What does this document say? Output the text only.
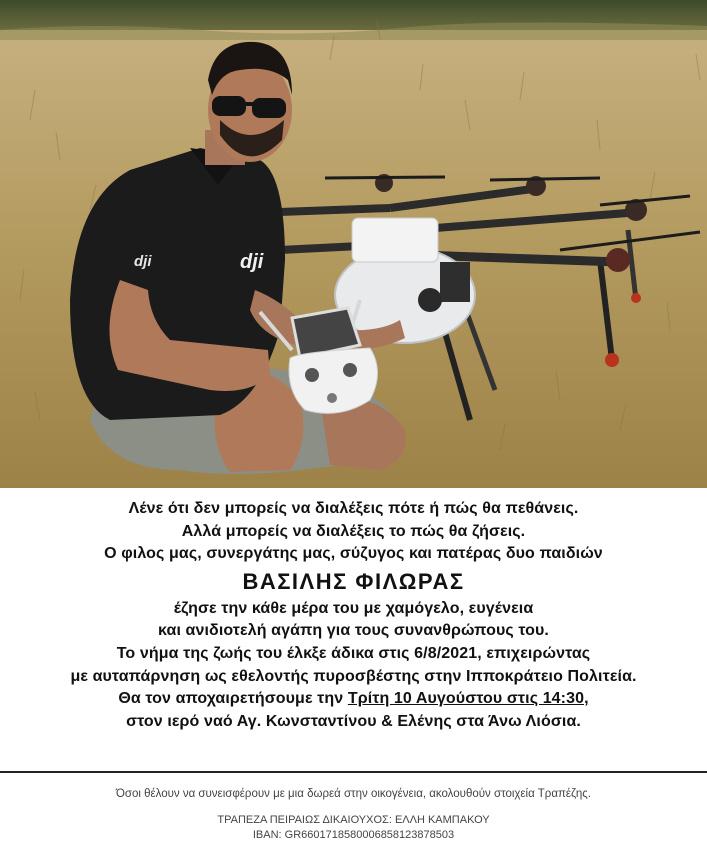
dji	dji
Λένε ότι δεν μπορείς να διαλέξεις πότε ή πώς θα πεθάνεις.
Αλλά μπορείς να διαλέξεις το πώς θα ζήσεις.
Ο φιλος μας, συνεργάτης μας, σύζυγος και πατέρας δυο παιδιών
ΒΑΣΙΛΗΣ ΦΙΛΩΡΑΣ
έζησε την κάθε μέρα του με χαμόγελο, ευγένεια
και ανιδιοτελή αγάπη για τους συνανθρώπους του.
Το νήμα της ζωής του έλκξε άδικα στις 6/8/2021, επιχειρώντας
με αυταπάρνηση ως εθελοντής πυροσβέστης στην Ιπποκράτειο Πολιτεία.
Θα τον αποχαιρετήσουμε την Τρίτη 10 Αυγούστου στις 14:30,
στον ιερό ναό Αγ. Κωνσταντίνου & Ελένης στα Άνω Λιόσια.
Όσοι θέλουν να συνεισφέρουν με μια δωρεά στην οικογένεια, ακολουθούν στοιχεία Τραπέζης.
ΤΡΑΠΕΖΑ ΠΕΙΡΑΙΩΣ ΔΙΚΑΙΟΥΧΟΣ: ΕΛΛΗ ΚΑΜΠΑΚΟΥ
IBAN: GR6601718580006858123878503
